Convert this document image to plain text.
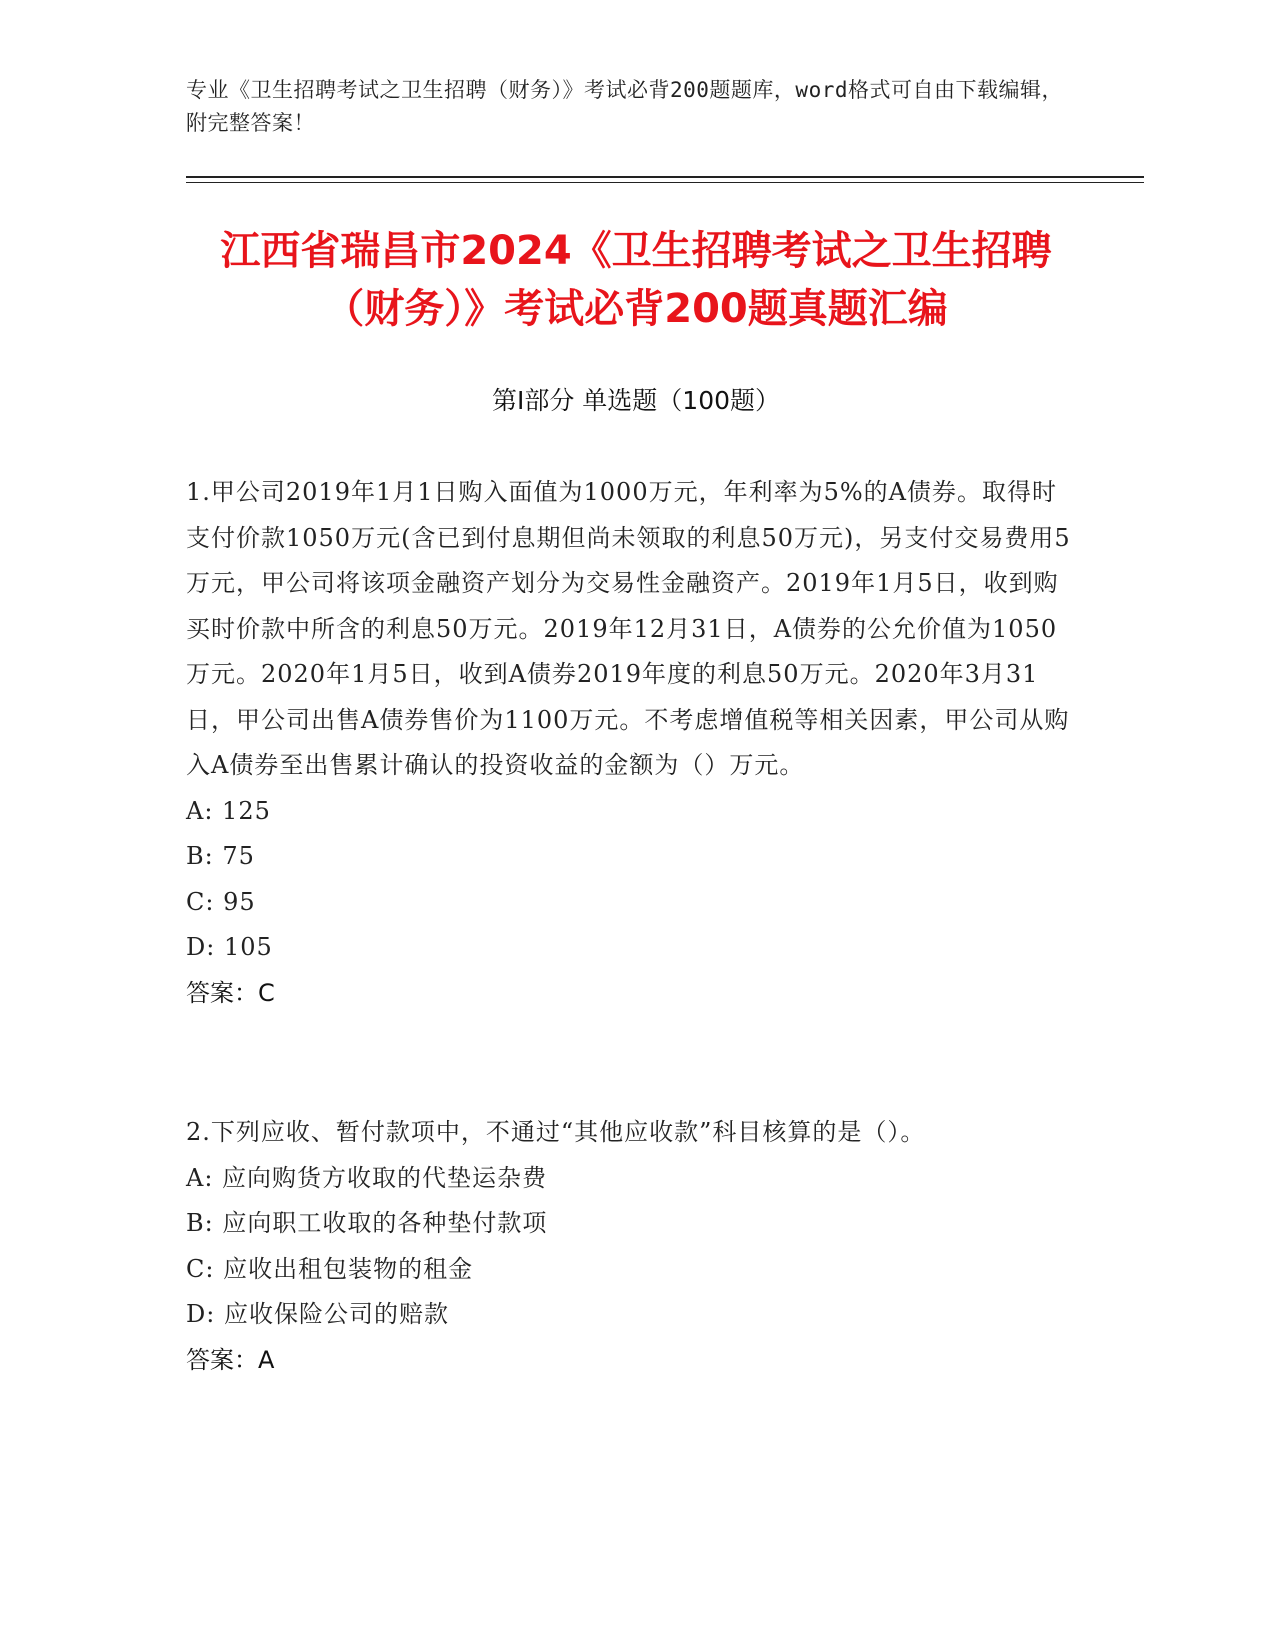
专业《卫生招聘考试之卫生招聘（财务）》考试必背200题题库，word格式可自由下载编辑，附完整答案！
江西省瑞昌市2024《卫生招聘考试之卫生招聘（财务）》考试必背200题真题汇编
第Ⅰ部分 单选题（100题）
1.甲公司2019年1月1日购入面值为1000万元，年利率为5%的A债券。取得时支付价款1050万元(含已到付息期但尚未领取的利息50万元)，另支付交易费用5万元，甲公司将该项金融资产划分为交易性金融资产。2019年1月5日，收到购买时价款中所含的利息50万元。2019年12月31日，A债券的公允价值为1050万元。2020年1月5日，收到A债券2019年度的利息50万元。2020年3月31日，甲公司出售A债券售价为1100万元。不考虑增值税等相关因素，甲公司从购入A债券至出售累计确认的投资收益的金额为（）万元。
A: 125
B: 75
C: 95
D: 105
答案：C
2.下列应收、暂付款项中，不通过“其他应收款”科目核算的是（）。
A: 应向购货方收取的代垫运杂费
B: 应向职工收取的各种垫付款项
C: 应收出租包装物的租金
D: 应收保险公司的赔款
答案：A
